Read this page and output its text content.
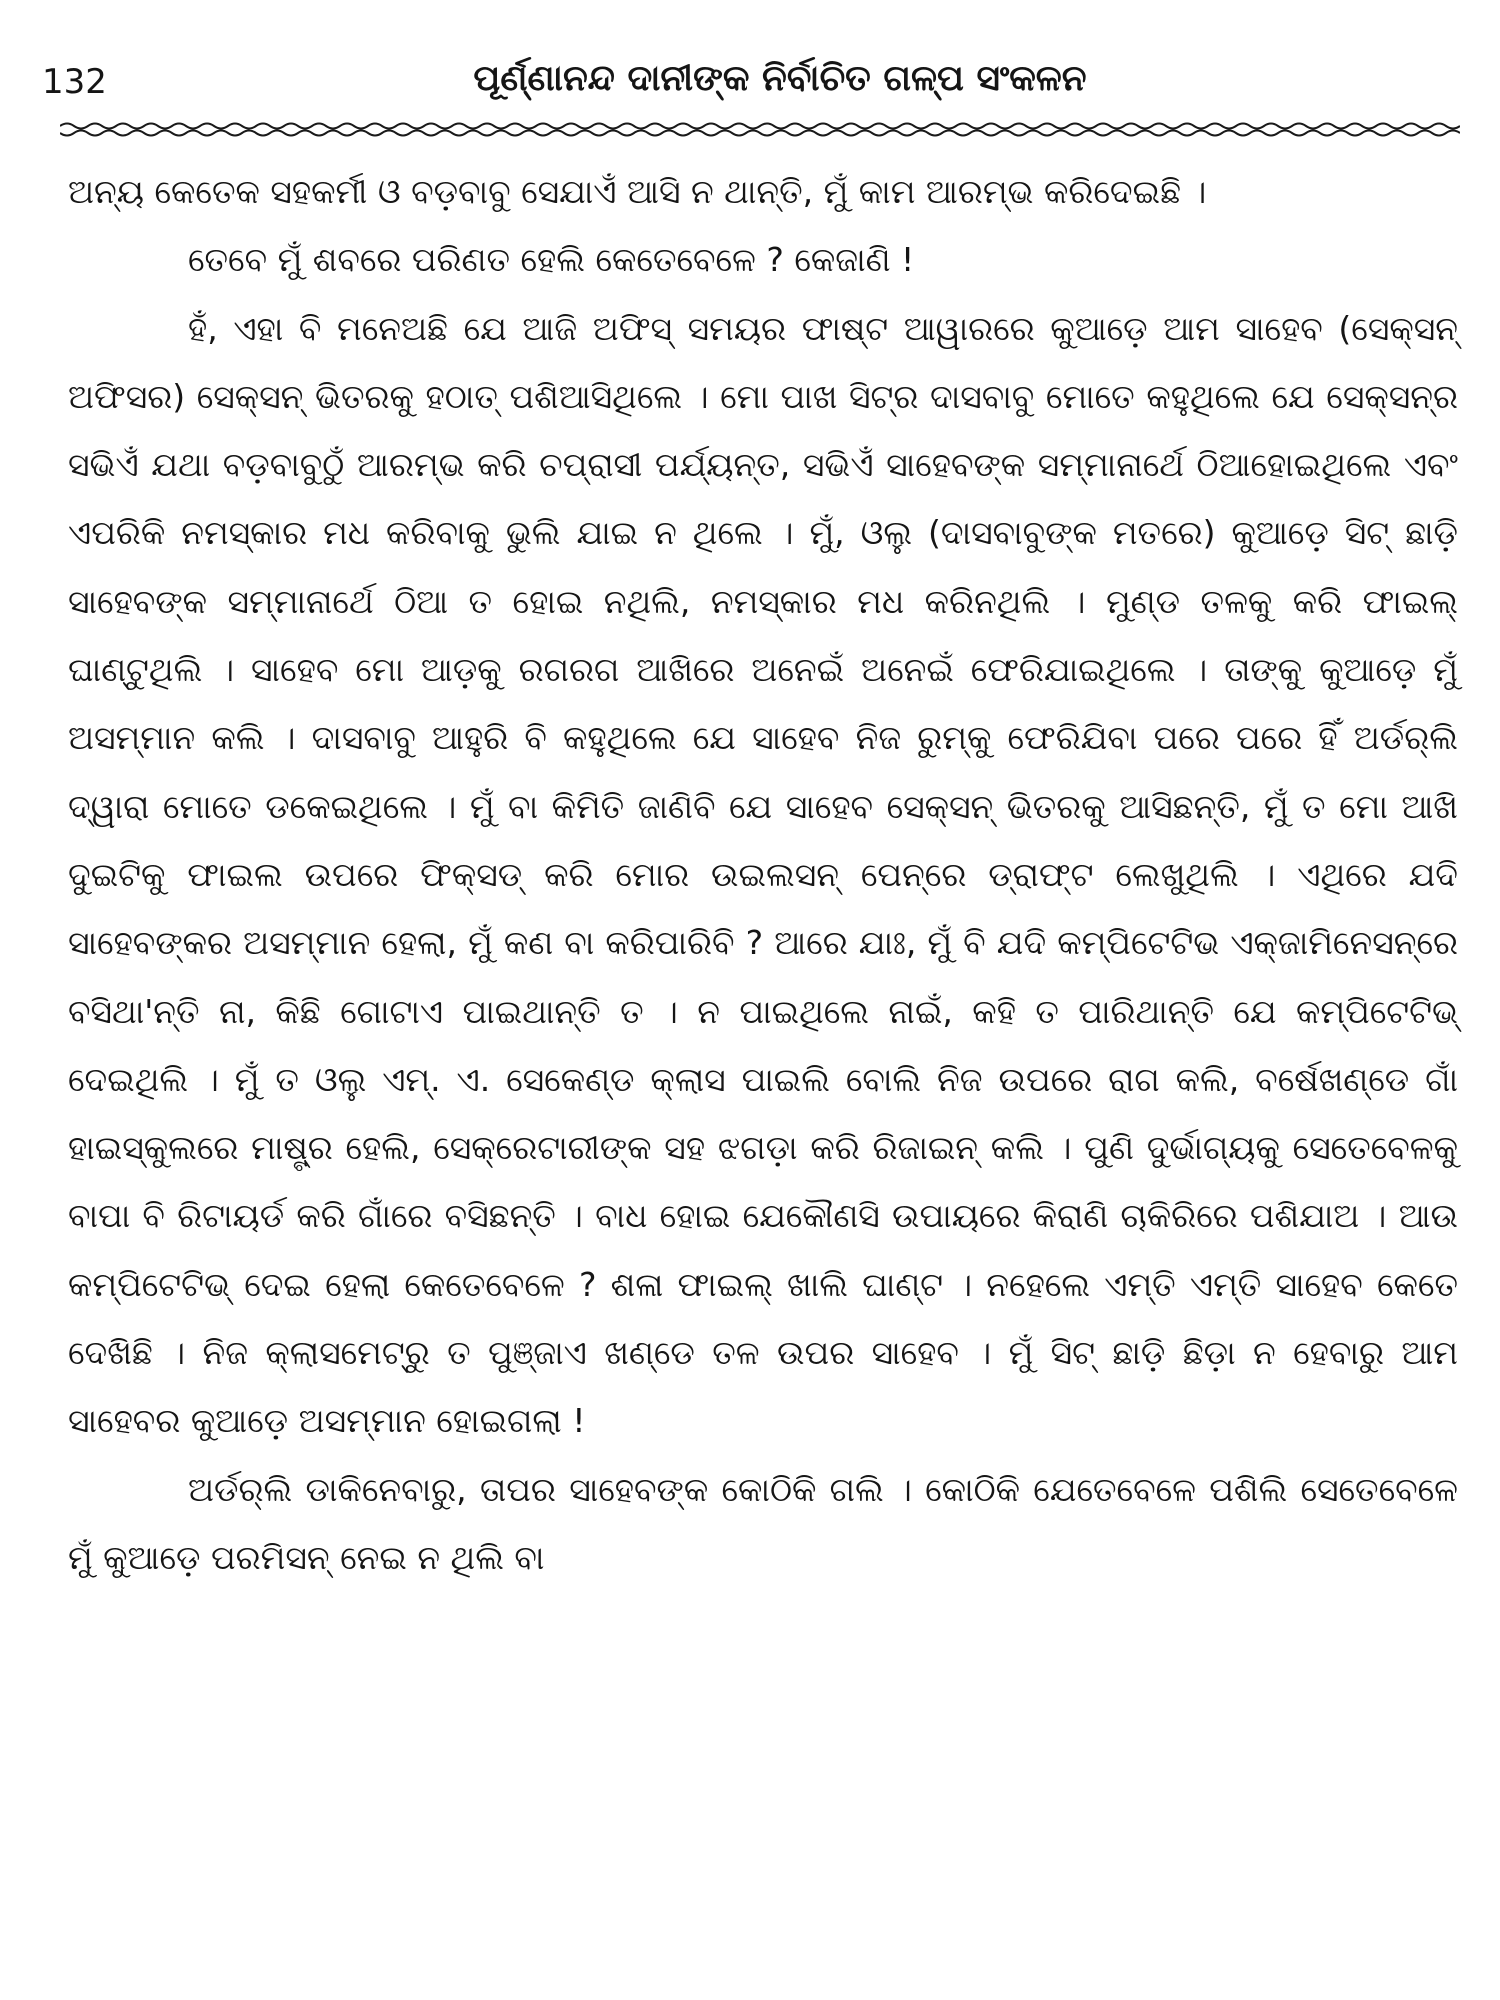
132	ପୂର୍ଣ୍ଣାନନ୍ଦ ଦାନୀଙ୍କ ନିର୍ବାଚିତ ଗଳ୍ପ ସଂକଳନ

ଅନ୍ୟ କେତେକ ସହକର୍ମୀ ଓ ବଡ଼ବାବୁ ସେଯାଏଁ ଆସି ନ ଥାନ୍ତି, ମୁଁ କାମ ଆରମ୍ଭ କରିଦେଇଛି ।

ତେବେ ମୁଁ ଶବରେ ପରିଣତ ହେଲି କେତେବେଳେ ? କେଜାଣି !

ହଁ, ଏହା ବି ମନେଅଛି ଯେ ଆଜି ଅଫିସ୍ ସମୟର ଫାଷ୍ଟ ଆୱାରରେ କୁଆଡ଼େ ଆମ ସାହେବ (ସେକ୍ସନ୍ ଅଫିସର) ସେକ୍ସନ୍ ଭିତରକୁ ହଠାତ୍ ପଶିଆସିଥିଲେ । ମୋ ପାଖ ସିଟ୍‌ର ଦାସବାବୁ ମୋତେ କହୁଥିଲେ ଯେ ସେକ୍ସନ୍‌ର ସଭିଏଁ ଯଥା ବଡ଼ବାବୁଠୁଁ ଆରମ୍ଭ କରି ଚପ୍ରାସୀ ପର୍ଯ୍ୟନ୍ତ, ସଭିଏଁ ସାହେବଙ୍କ ସମ୍ମାନାର୍ଥେ ଠିଆହୋଇଥିଲେ ଏବଂ ଏପରିକି ନମସ୍କାର ମଧ କରିବାକୁ ଭୁଲି ଯାଇ ନ ଥିଲେ । ମୁଁ, ଓଲୁ (ଦାସବାବୁଙ୍କ ମତରେ) କୁଆଡ଼େ ସିଟ୍ ଛାଡ଼ି ସାହେବଙ୍କ ସମ୍ମାନାର୍ଥେ ଠିଆ ତ ହୋଇ ନଥିଲି, ନମସ୍କାର ମଧ କରିନଥିଲି । ମୁଣ୍ଡ ତଳକୁ କରି ଫାଇଲ୍ ଘାଣ୍ଟୁଥିଲି । ସାହେବ ମୋ ଆଡ଼କୁ ରଗରଗ ଆଖିରେ ଅନେଇଁ ଅନେଇଁ ଫେରିଯାଇଥିଲେ । ତାଙ୍କୁ କୁଆଡ଼େ ମୁଁ ଅସମ୍ମାନ କଲି । ଦାସବାବୁ ଆହୁରି ବି କହୁଥିଲେ ଯେ ସାହେବ ନିଜ ରୁମ୍‌କୁ ଫେରିଯିବା ପରେ ପରେ ହିଁ ଅର୍ଡର୍‌ଲି ଦ୍ୱାରା ମୋତେ ଡକେଇଥିଲେ । ମୁଁ ବା କିମିତି ଜାଣିବି ଯେ ସାହେବ ସେକ୍ସନ୍ ଭିତରକୁ ଆସିଛନ୍ତି, ମୁଁ ତ ମୋ ଆଖି ଦୁଇଟିକୁ ଫାଇଲ ଉପରେ ଫିକ୍ସଡ୍ କରି ମୋର ଉଇଲସନ୍ ପେନ୍‌ରେ ଡ୍ରାଫ୍‌ଟ ଲେଖୁଥିଲି । ଏଥିରେ ଯଦି ସାହେବଙ୍କର ଅସମ୍ମାନ ହେଲା, ମୁଁ କଣ ବା କରିପାରିବି ? ଆରେ ଯାଃ, ମୁଁ ବି ଯଦି କମ୍ପିଟେଟିଭ ଏକ୍‌ଜାମିନେସନ୍‌ରେ ବସିଥା'ନ୍ତି ନା, କିଛି ଗୋଟାଏ ପାଇଥାନ୍ତି ତ । ନ ପାଇଥିଲେ ନାଇଁ, କହି ତ ପାରିଥାନ୍ତି ଯେ କମ୍ପିଟେଟିଭ୍ ଦେଇଥିଲି । ମୁଁ ତ ଓଲୁ ଏମ୍. ଏ. ସେକେଣ୍ଡ କ୍ଲାସ ପାଇଲି ବୋଲି ନିଜ ଉପରେ ରାଗ କଲି, ବର୍ଷେଖଣ୍ଡେ ଗାଁ ହାଇସ୍କୁଲରେ ମାଷ୍ଟ୍ର ହେଲି, ସେକ୍ରେଟାରୀଙ୍କ ସହ ଝଗଡ଼ା କରି ରିଜାଇନ୍ କଲି । ପୁଣି ଦୁର୍ଭାଗ୍ୟକୁ ସେତେବେଳକୁ ବାପା ବି ରିଟାୟର୍ଡ କରି ଗାଁରେ ବସିଛନ୍ତି । ବାଧ ହୋଇ ଯେକୌଣସି ଉପାୟରେ କିରାଣି ଚାକିରିରେ ପଶିଯାଅ । ଆଉ କମ୍ପିଟେଟିଭ୍ ଦେଇ ହେଲା କେତେବେଳେ ? ଶଳା ଫାଇଲ୍ ଖାଲି ଘାଣ୍ଟ । ନହେଲେ ଏମ୍‌ତି ଏମ୍‌ତି ସାହେବ କେତେ ଦେଖିଛି । ନିଜ କ୍ଲାସମେଟ୍‌ରୁ ତ ପୁଞ୍ଜାଏ ଖଣ୍ଡେ ତଳ ଉପର ସାହେବ । ମୁଁ ସିଟ୍ ଛାଡ଼ି ଛିଡ଼ା ନ ହେବାରୁ ଆମ ସାହେବର କୁଆଡ଼େ ଅସମ୍ମାନ ହୋଇଗଲା !

ଅର୍ଡର୍‌ଲି ଡାକିନେବାରୁ, ତାପର ସାହେବଙ୍କ କୋଠିକି ଗଲି । କୋଠିକି ଯେତେବେଳେ ପଶିଲି ସେତେବେଳେ ମୁଁ କୁଆଡ଼େ ପରମିସନ୍ ନେଇ ନ ଥିଲି ବା
